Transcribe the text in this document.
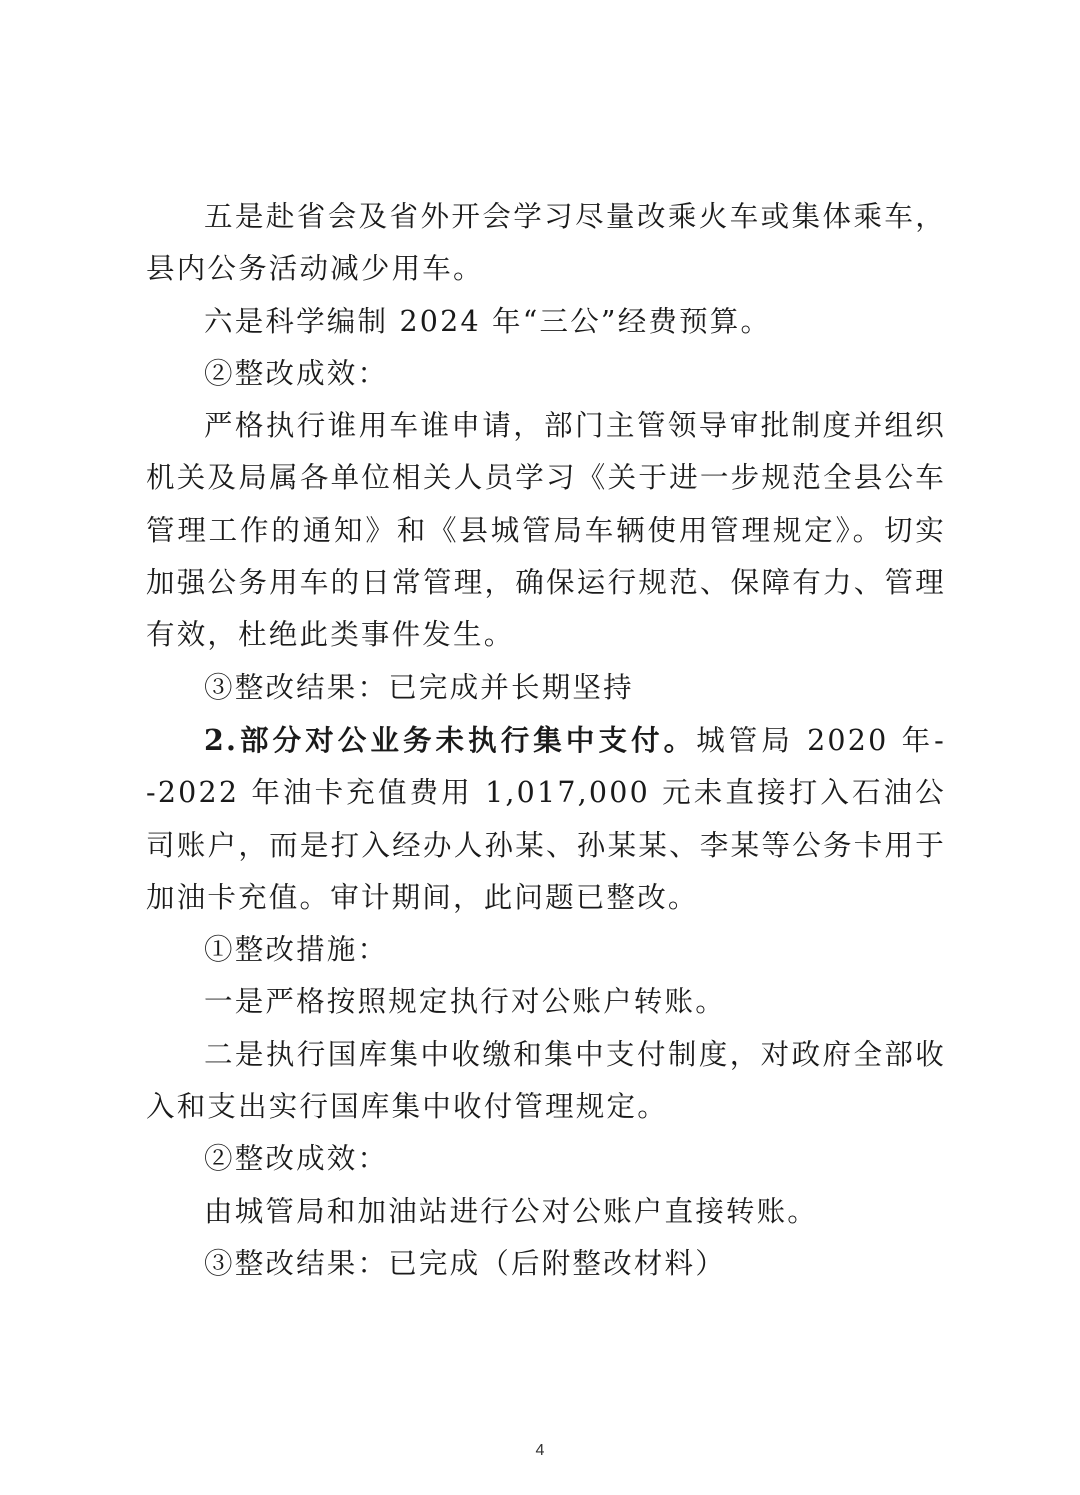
五是赴省会及省外开会学习尽量改乘火车或集体乘车，县内公务活动减少用车。

六是科学编制 2024 年“三公”经费预算。

②整改成效：

严格执行谁用车谁申请，部门主管领导审批制度并组织机关及局属各单位相关人员学习《关于进一步规范全县公车管理工作的通知》和《县城管局车辆使用管理规定》。切实加强公务用车的日常管理，确保运行规范、保障有力、管理有效，杜绝此类事件发生。

③整改结果：已完成并长期坚持

2.部分对公业务未执行集中支付。城管局 2020 年--2022 年油卡充值费用 1,017,000 元未直接打入石油公司账户，而是打入经办人孙某、孙某某、李某等公务卡用于加油卡充值。审计期间，此问题已整改。

①整改措施：

一是严格按照规定执行对公账户转账。

二是执行国库集中收缴和集中支付制度，对政府全部收入和支出实行国库集中收付管理规定。

②整改成效：

由城管局和加油站进行公对公账户直接转账。

③整改结果：已完成（后附整改材料）

4
